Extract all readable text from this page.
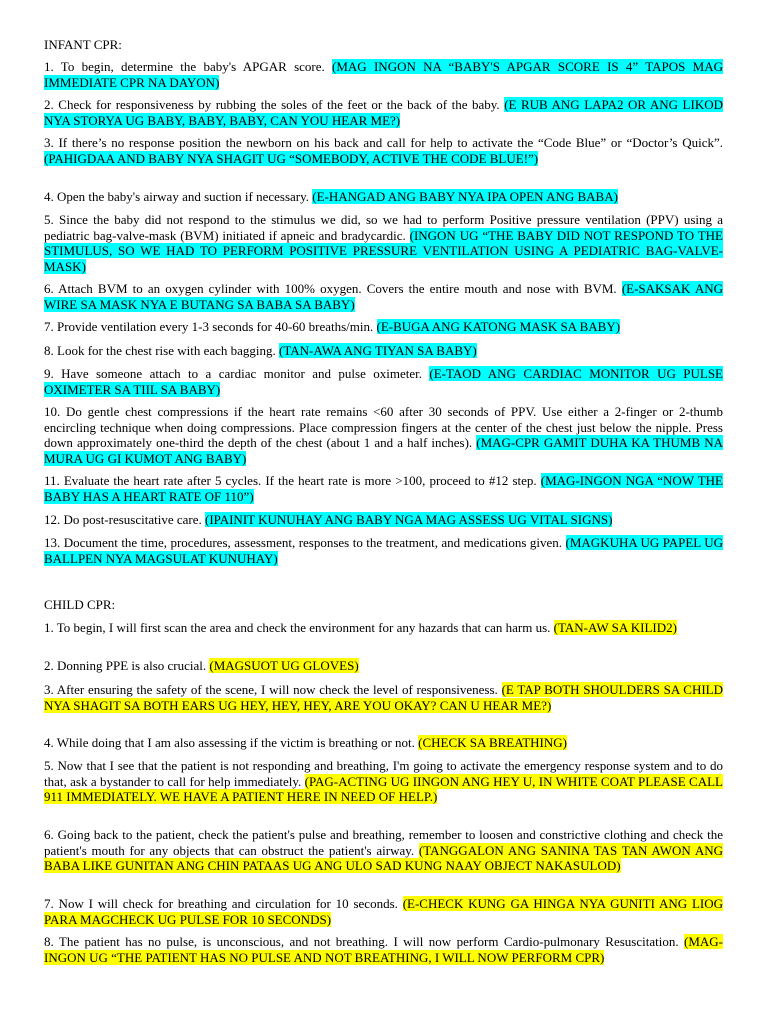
INFANT CPR:
1. To begin, determine the baby's APGAR score. (MAG INGON NA “BABY'S APGAR SCORE IS 4” TAPOS MAG IMMEDIATE CPR NA DAYON)
2. Check for responsiveness by rubbing the soles of the feet or the back of the baby. (E RUB ANG LAPA2 OR ANG LIKOD NYA STORYA UG BABY, BABY, BABY, CAN YOU HEAR ME?)
3. If there’s no response position the newborn on his back and call for help to activate the “Code Blue” or “Doctor’s Quick”. (PAHIGDAA AND BABY NYA SHAGIT UG “SOMEBODY, ACTIVE THE CODE BLUE!”)
4. Open the baby's airway and suction if necessary. (E-HANGAD ANG BABY NYA IPA OPEN ANG BABA)
5. Since the baby did not respond to the stimulus we did, so we had to perform Positive pressure ventilation (PPV) using a pediatric bag-valve-mask (BVM) initiated if apneic and bradycardic. (INGON UG “THE BABY DID NOT RESPOND TO THE STIMULUS, SO WE HAD TO PERFORM POSITIVE PRESSURE VENTILATION USING A PEDIATRIC BAG-VALVE-MASK)
6. Attach BVM to an oxygen cylinder with 100% oxygen. Covers the entire mouth and nose with BVM. (E-SAKSAK ANG WIRE SA MASK NYA E BUTANG SA BABA SA BABY)
7. Provide ventilation every 1-3 seconds for 40-60 breaths/min. (E-BUGA ANG KATONG MASK SA BABY)
8. Look for the chest rise with each bagging. (TAN-AWA ANG TIYAN SA BABY)
9. Have someone attach to a cardiac monitor and pulse oximeter. (E-TAOD ANG CARDIAC MONITOR UG PULSE OXIMETER SA TIIL SA BABY)
10. Do gentle chest compressions if the heart rate remains <60 after 30 seconds of PPV. Use either a 2-finger or 2-thumb encircling technique when doing compressions. Place compression fingers at the center of the chest just below the nipple. Press down approximately one-third the depth of the chest (about 1 and a half inches). (MAG-CPR GAMIT DUHA KA THUMB NA MURA UG GI KUMOT ANG BABY)
11. Evaluate the heart rate after 5 cycles. If the heart rate is more >100, proceed to #12 step. (MAG-INGON NGA “NOW THE BABY HAS A HEART RATE OF 110”)
12. Do post-resuscitative care. (IPAINIT KUNUHAY ANG BABY NGA MAG ASSESS UG VITAL SIGNS)
13. Document the time, procedures, assessment, responses to the treatment, and medications given. (MAGKUHA UG PAPEL UG BALLPEN NYA MAGSULAT KUNUHAY)
CHILD CPR:
1. To begin, I will first scan the area and check the environment for any hazards that can harm us. (TAN-AW SA KILID2)
2. Donning PPE is also crucial. (MAGSUOT UG GLOVES)
3. After ensuring the safety of the scene, I will now check the level of responsiveness. (E TAP BOTH SHOULDERS SA CHILD NYA SHAGIT SA BOTH EARS UG HEY, HEY, HEY, ARE YOU OKAY? CAN U HEAR ME?)
4. While doing that I am also assessing if the victim is breathing or not. (CHECK SA BREATHING)
5. Now that I see that the patient is not responding and breathing, I'm going to activate the emergency response system and to do that, ask a bystander to call for help immediately. (PAG-ACTING UG IINGON ANG HEY U, IN WHITE COAT PLEASE CALL 911 IMMEDIATELY. WE HAVE A PATIENT HERE IN NEED OF HELP.)
6. Going back to the patient, check the patient's pulse and breathing, remember to loosen and constrictive clothing and check the patient's mouth for any objects that can obstruct the patient's airway. (TANGGALON ANG SANINA TAS TAN AWON ANG BABA LIKE GUNITAN ANG CHIN PATAAS UG ANG ULO SAD KUNG NAAY OBJECT NAKASULOD)
7. Now I will check for breathing and circulation for 10 seconds. (E-CHECK KUNG GA HINGA NYA GUNITI ANG LIOG PARA MAGCHECK UG PULSE FOR 10 SECONDS)
8. The patient has no pulse, is unconscious, and not breathing. I will now perform Cardio-pulmonary Resuscitation. (MAG-INGON UG “THE PATIENT HAS NO PULSE AND NOT BREATHING, I WILL NOW PERFORM CPR)
